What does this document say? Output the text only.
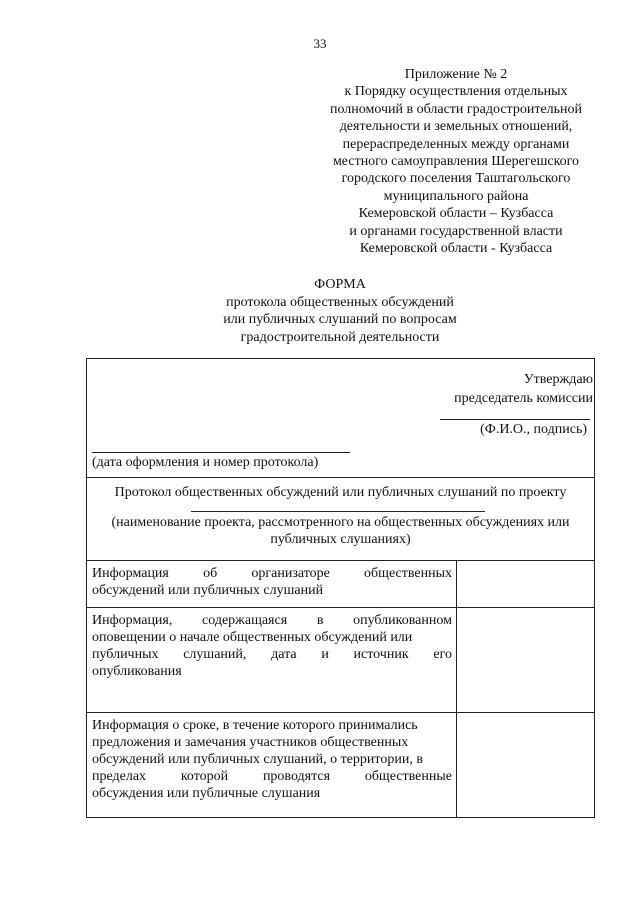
33
Приложение № 2
к Порядку осуществления отдельных
полномочий в области градостроительной
деятельности и земельных отношений,
перераспределенных между органами
местного самоуправления Шерегешского
городского поселения Таштагольского
муниципального района
Кемеровской области – Кузбасса
и органами государственной власти
Кемеровской области - Кузбасса
ФОРМА
протокола общественных обсуждений
или публичных слушаний по вопросам
градостроительной деятельности
Утверждаю
председатель комиссии
(Ф.И.О., подпись)
(дата оформления и номер протокола)
Протокол общественных обсуждений или публичных слушаний по проекту
(наименование проекта, рассмотренного на общественных обсуждениях или
публичных слушаниях)
Информация об организаторе общественных
обсуждений или публичных слушаний
Информация, содержащаяся в опубликованном
оповещении о начале общественных обсуждений или
публичных слушаний, дата и источник его
опубликования
Информация о сроке, в течение которого принимались
предложения и замечания участников общественных
обсуждений или публичных слушаний, о территории, в
пределах которой проводятся общественные
обсуждения или публичные слушания
